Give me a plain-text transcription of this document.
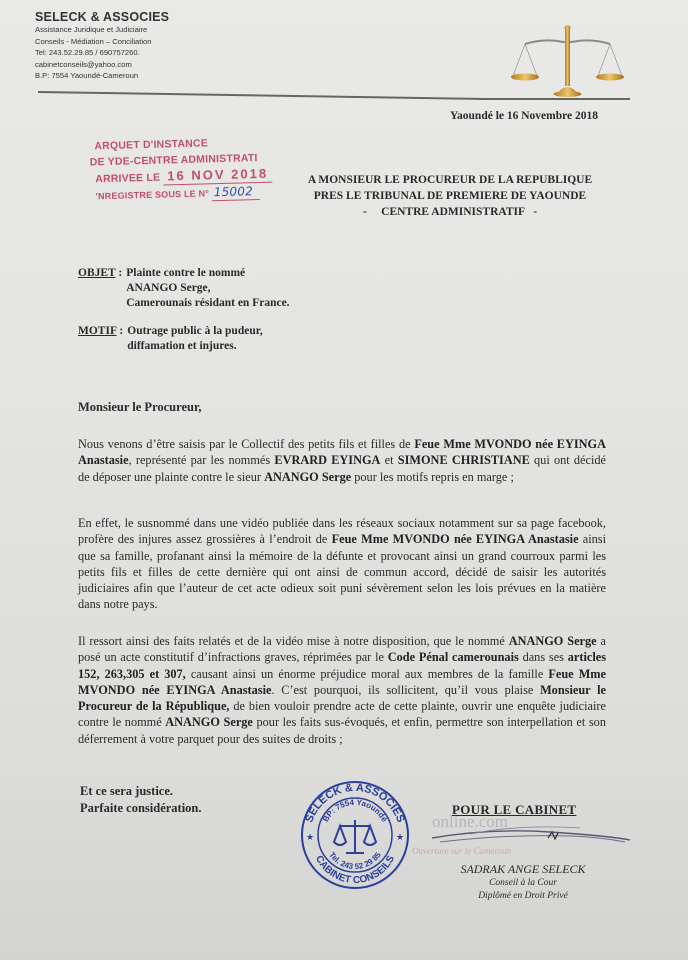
SELECK & ASSOCIES
Assistance Juridique et Judiciaire
Conseils - Médiation – Conciliation
Tel: 243.52.29.85 / 690757260.
cabinetconseils@yahoo.com
B.P: 7554 Yaoundé-Cameroun
Yaoundé le 16 Novembre 2018
ARQUET D'INSTANCE
DE YDE-CENTRE ADMINISTRATI
ARRIVEE LE 16 NOV 2018
'NREGISTRE SOUS LE N° 15002
A MONSIEUR LE PROCUREUR DE LA REPUBLIQUE
PRES LE TRIBUNAL DE PREMIERE DE YAOUNDE
-     CENTRE ADMINISTRATIF   -
OBJET : Plainte contre le nommé
ANANGO Serge,
Camerounais résidant en France.
MOTIF : Outrage public à la pudeur,
diffamation et injures.
Monsieur le Procureur,
Nous venons d’être saisis par le Collectif des petits fils et filles de Feue Mme MVONDO née EYINGA Anastasie, représenté par les nommés EVRARD EYINGA et SIMONE CHRISTIANE qui ont décidé de déposer une plainte contre le sieur ANANGO Serge pour les motifs repris en marge ;
En effet, le susnommé dans une vidéo publiée dans les réseaux sociaux notamment sur sa page facebook, profère des injures assez grossières à l’endroit de Feue Mme MVONDO née EYINGA Anastasie ainsi que sa famille, profanant ainsi la mémoire de la défunte et provocant ainsi un grand courroux parmi les petits fils et filles de cette dernière qui ont ainsi de commun accord, décidé de saisir les autorités judiciaires afin que l’auteur de cet acte odieux soit puni sévèrement selon les lois prévues en la matière dans notre pays.
Il ressort ainsi des faits relatés et de la vidéo mise à notre disposition, que le nommé ANANGO Serge a posé un acte constitutif d’infractions graves, réprimées par le Code Pénal camerounais dans ses articles 152, 263,305 et 307, causant ainsi un énorme préjudice moral aux membres de la famille Feue Mme MVONDO née EYINGA Anastasie. C’est pourquoi, ils sollicitent, qu’il vous plaise Monsieur le Procureur de la République, de bien vouloir prendre acte de cette plainte, ouvrir une enquête judiciaire contre le nommé ANANGO Serge pour les faits sus-évoqués, et enfin, permettre son interpellation et son déferrement à votre parquet pour des suites de droits ;
Et ce sera justice.
Parfaite considération.
SELECK & ASSOCIES
CABINET CONSEILS
BP: 7554 Yaoundé
Tel. 243 52 29 85
★	★
online.com
Ouverture sur le Cameroun
POUR LE CABINET
SADRAK ANGE SELECK
Conseil à la Cour
Diplômé en Droit Privé
